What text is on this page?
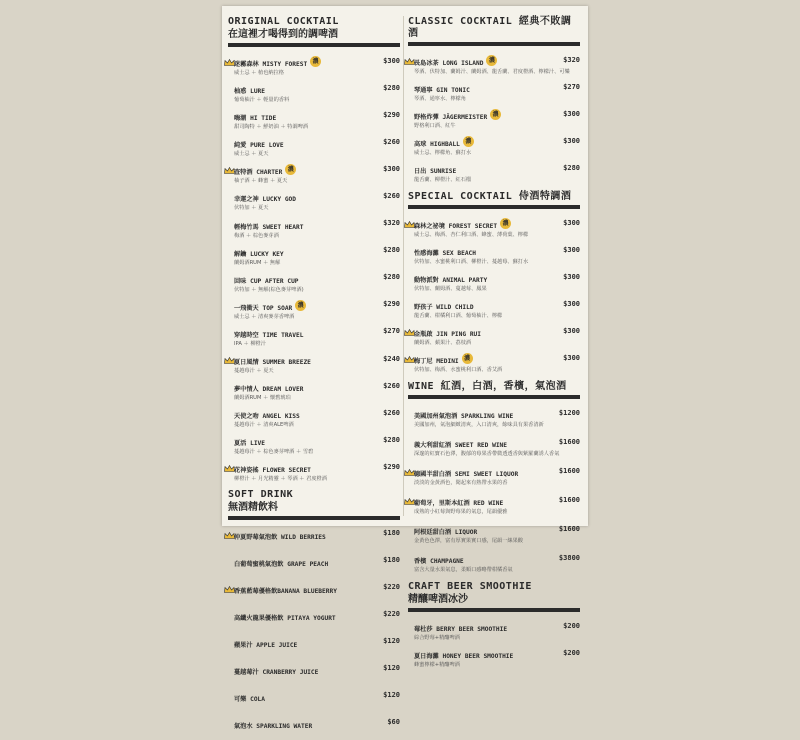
ORIGINAL COCKTAIL
在這裡才喝得到的調啤酒
迷霧森林 MISTY FOREST 濃	$300
威士忌 ＋ 植也納拉格
柚惑 LURE	$280
葡萄柚汁 ＋ 輕量的香料
嗨潮 HI TIDE	$290
甜司陶特 ＋ 鮮奶油 ＋ 特調啤酒
純愛 PURE LOVE	$260
威士忌 ＋ 夏天
查特酒 CHARTER 濃	$300
柚子酒 ＋ 蜂蜜 ＋ 夏天
幸運之神 LUCKY GOD	$260
伏特加 ＋ 夏天
輕梅竹馬 SWEET HEART	$320
梅酒 ＋ 棕色麥芽酒
解鑰 LUCKY KEY	$280
蘭姆酒RUM ＋ 無解
回味 CUP AFTER CUP	$280
伏特加 ＋ 無解(棕色麥芽啤酒)
一飛衝天 TOP SOAR 濃	$290
威士忌 ＋ 清爽麥芽香啤酒
穿越時空 TIME TRAVEL	$270
IPA ＋ 柳橙汁
夏日風情 SUMMER BREEZE	$240
蔓越莓汁 ＋ 夏天
夢中情人 DREAM LOVER	$260
蘭姆酒RUM ＋ 懷舊琥珀
天使之吻 ANGEL KISS	$260
蔓越莓汁 ＋ 清爽ALE啤酒
夏活 LIVE	$280
蔓越莓汁 ＋ 棕色麥芽啤酒 ＋ 雪碧
花神姿搖 FLOWER SECRET	$290
柳橙汁 ＋ 月光精靈 ＋ 琴酒 ＋ 君度橙酒
SOFT DRINK
無酒精飲料
仲夏野莓氣泡飲 WILD BERRIES	$180
白葡萄蜜桃氣泡飲 GRAPE PEACH	$180
香蕉藍莓優格飲BANANA BLUEBERRY	$220
高纖火龍果優格飲 PITAYA YOGURT	$220
蘋果汁 APPLE JUICE	$120
蔓越莓汁 CRANBERRY JUICE	$120
可樂 COLA	$120
氣泡水 SPARKLING WATER	$60
CLASSIC COCKTAIL 經典不敗調酒
長島冰茶 LONG ISLAND 濃	$320
琴酒、伏特加、蘭姆汁、蘭姆酒、龍舌蘭、君度橙酒、檸檬汁、可樂
琴通寧 GIN TONIC	$270
琴酒、通寧水、檸檬角
野格炸彈 JÄGERMEISTER 濃	$300
野格利口酒、紅牛
高球 HIGHBALL 濃	$300
威士忌、檸檬角、蘇打水
日出 SUNRISE	$280
龍舌蘭、柳橙汁、紅石榴
SPECIAL COCKTAIL 侍酒特調酒
森林之祕境 FOREST SECRET 濃	$300
威士忌、梅酒、杏仁利口酒、蜂蜜、薄荷葉、檸檬
性感海灘 SEX BEACH	$300
伏特加、水蜜桃利口酒、柳橙汁、蔓越莓、蘇打水
動物派對 ANIMAL PARTY	$300
伏特加、蘭姆酒、蔓越莓、鳳果
野孩子 WILD CHILD	$300
龍舌蘭、柑橘利口酒、葡萄柚汁、檸檬
金瓶啟 JIN PING RUI	$300
蘭姆酒、蘋果汁、荔枝酒
梅丁尼 MEDINI 濃	$300
伏特加、梅酒、水蜜桃利口酒、香艾酒
WINE 紅酒，白酒，香檳，氣泡酒
美國加州氣泡酒 SPARKLING WINE	$1200
美國加州，氣泡細緻清爽，入口清爽，餘味具有果香清新
義大利甜紅酒 SWEET RED WINE	$1600
深邃的紅寶石色澤，馥郁的莓果香帶微透透香與紫羅蘭誘人香氣
德國半甜白酒 SEMI SWEET LIQUOR	$1600
淡淡的金黃酒色，聞起來有熱帶水果的香
葡萄牙，里斯本紅酒 RED WINE	$1600
成熟的小紅莓與野莓果的氣息，尾韻優雅
阿根廷甜白酒 LIQUOR	$1600
金黃色色澤，富有厚實果實口感，尾韻一絲果酸
香檳 CHAMPAGNE	$3800
富含大量水果氣息，柔順口感略帶柑橘香氣
CRAFT BEER SMOOTHIE
精釀啤酒冰沙
莓杜莎 BERRY BEER SMOOTHIE	$200
綜合野莓+精釀啤酒
夏日海灘 HONEY BEER SMOOTHIE	$200
蜂蜜檸檬+精釀啤酒
